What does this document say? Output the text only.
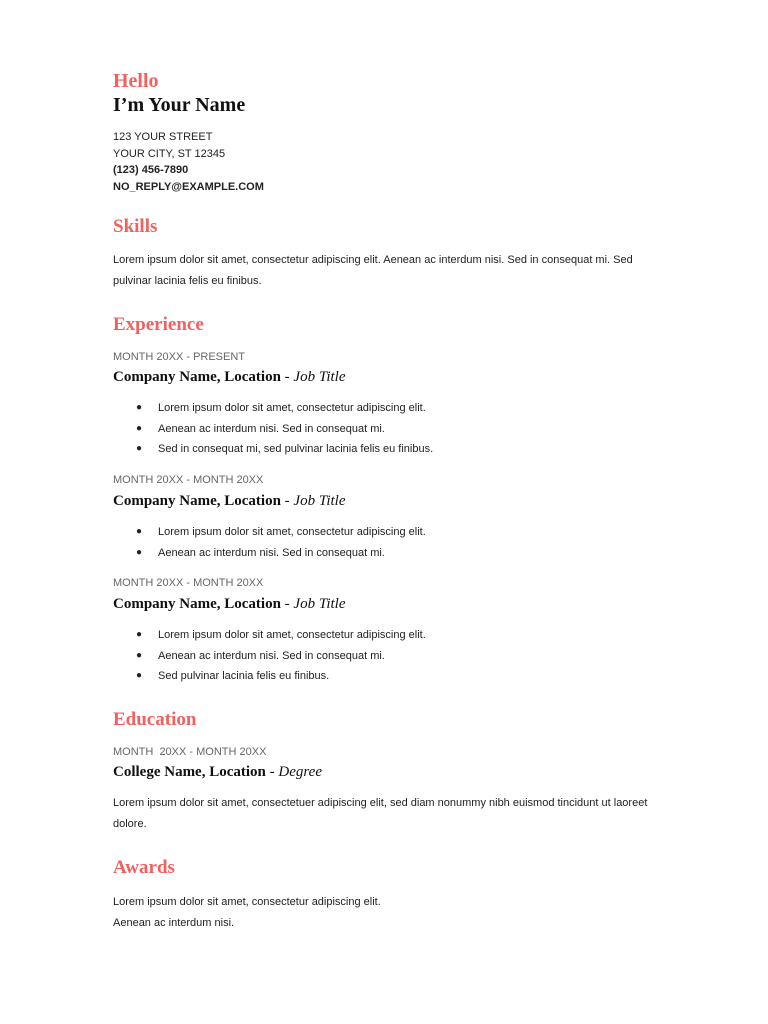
Hello
I’m Your Name
123 YOUR STREET
YOUR CITY, ST 12345
(123) 456-7890
NO_REPLY@EXAMPLE.COM
Skills
Lorem ipsum dolor sit amet, consectetur adipiscing elit. Aenean ac interdum nisi. Sed in consequat mi. Sed pulvinar lacinia felis eu finibus.
Experience
MONTH 20XX - PRESENT
Company Name, Location - Job Title
● Lorem ipsum dolor sit amet, consectetur adipiscing elit.
● Aenean ac interdum nisi. Sed in consequat mi.
● Sed in consequat mi, sed pulvinar lacinia felis eu finibus.
MONTH 20XX - MONTH 20XX
Company Name, Location - Job Title
● Lorem ipsum dolor sit amet, consectetur adipiscing elit.
● Aenean ac interdum nisi. Sed in consequat mi.
MONTH 20XX - MONTH 20XX
Company Name, Location - Job Title
● Lorem ipsum dolor sit amet, consectetur adipiscing elit.
● Aenean ac interdum nisi. Sed in consequat mi.
● Sed pulvinar lacinia felis eu finibus.
Education
MONTH  20XX - MONTH 20XX
College Name, Location - Degree
Lorem ipsum dolor sit amet, consectetuer adipiscing elit, sed diam nonummy nibh euismod tincidunt ut laoreet dolore.
Awards
Lorem ipsum dolor sit amet, consectetur adipiscing elit.
Aenean ac interdum nisi.
